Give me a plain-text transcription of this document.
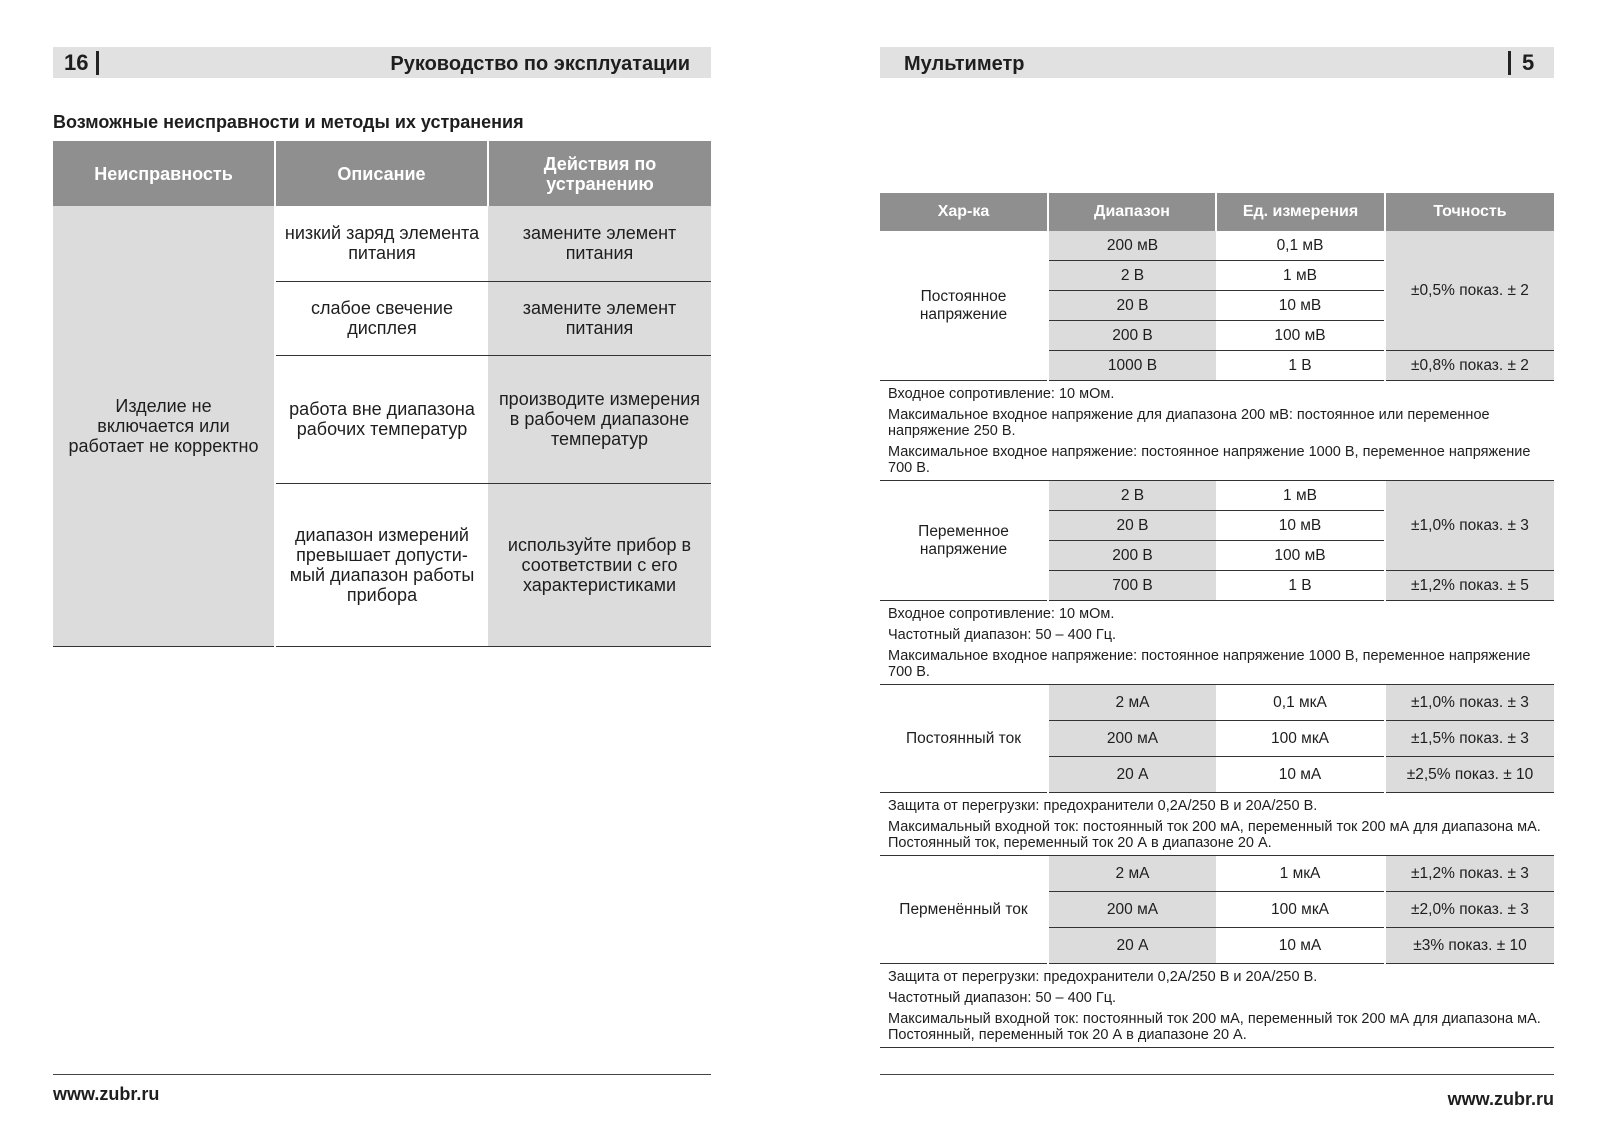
16	Руководство по эксплуатации
Возможные неисправности и методы их устранения
Неисправность	Описание	Действия по устранению
Изделие не включается или работает не корректно	низкий заряд элемента питания	замените элемент питания
	слабое свечение дисплея	замените элемент питания
	работа вне диапазона рабочих температур	производите измерения в рабочем диапазоне температур
	диапазон измерений превышает допусти-мый диапазон работы прибора	используйте прибор в соответствии с его характеристиками
www.zubr.ru
Мультиметр	5
Хар-ка	Диапазон	Ед. измерения	Точность
Постоянное напряжение	200 мВ	0,1 мВ	±0,5% показ. ± 2
	2 В	1 мВ	
	20 В	10 мВ	
	200 В	100 мВ	
	1000 В	1 В	±0,8% показ. ± 2

Входное сопротивление: 10 мОм.

Максимальное входное напряжение для диапазона 200 мВ: постоянное или переменное напряжение 250 В.

Максимальное входное напряжение: постоянное напряжение 1000 В, переменное напряжение 700 В.			

Переменное напряжение	2 В	1 мВ	±1,0% показ. ± 3
	20 В	10 мВ	
	200 В	100 мВ	
	700 В	1 В	±1,2% показ. ± 5

Входное сопротивление: 10 мОм.

Частотный диапазон: 50 – 400 Гц.

Максимальное входное напряжение: постоянное напряжение 1000 В, переменное напряжение 700 В.			

Постоянный ток	2 мА	0,1 мкА	±1,0% показ. ± 3
	200 мА	100 мкА	±1,5% показ. ± 3
	20 А	10 мА	±2,5% показ. ± 10

Защита от перегрузки: предохранители 0,2А/250 В и 20А/250 В.

Максимальный входной ток: постоянный ток 200 мА, переменный ток 200 мА для диапазона мА. Постоянный ток, переменный ток 20 А в диапазоне 20 А.			

Перменённый ток	2 мА	1 мкА	±1,2% показ. ± 3
	200 мА	100 мкА	±2,0% показ. ± 3
	20 А	10 мА	±3% показ. ± 10

Защита от перегрузки: предохранители 0,2А/250 В и 20А/250 В.

Частотный диапазон: 50 – 400 Гц.

Максимальный входной ток: постоянный ток 200 мА, переменный ток 200 мА для диапазона мА. Постоянный, переменный ток 20 А в диапазоне 20 А.			

www.zubr.ru
